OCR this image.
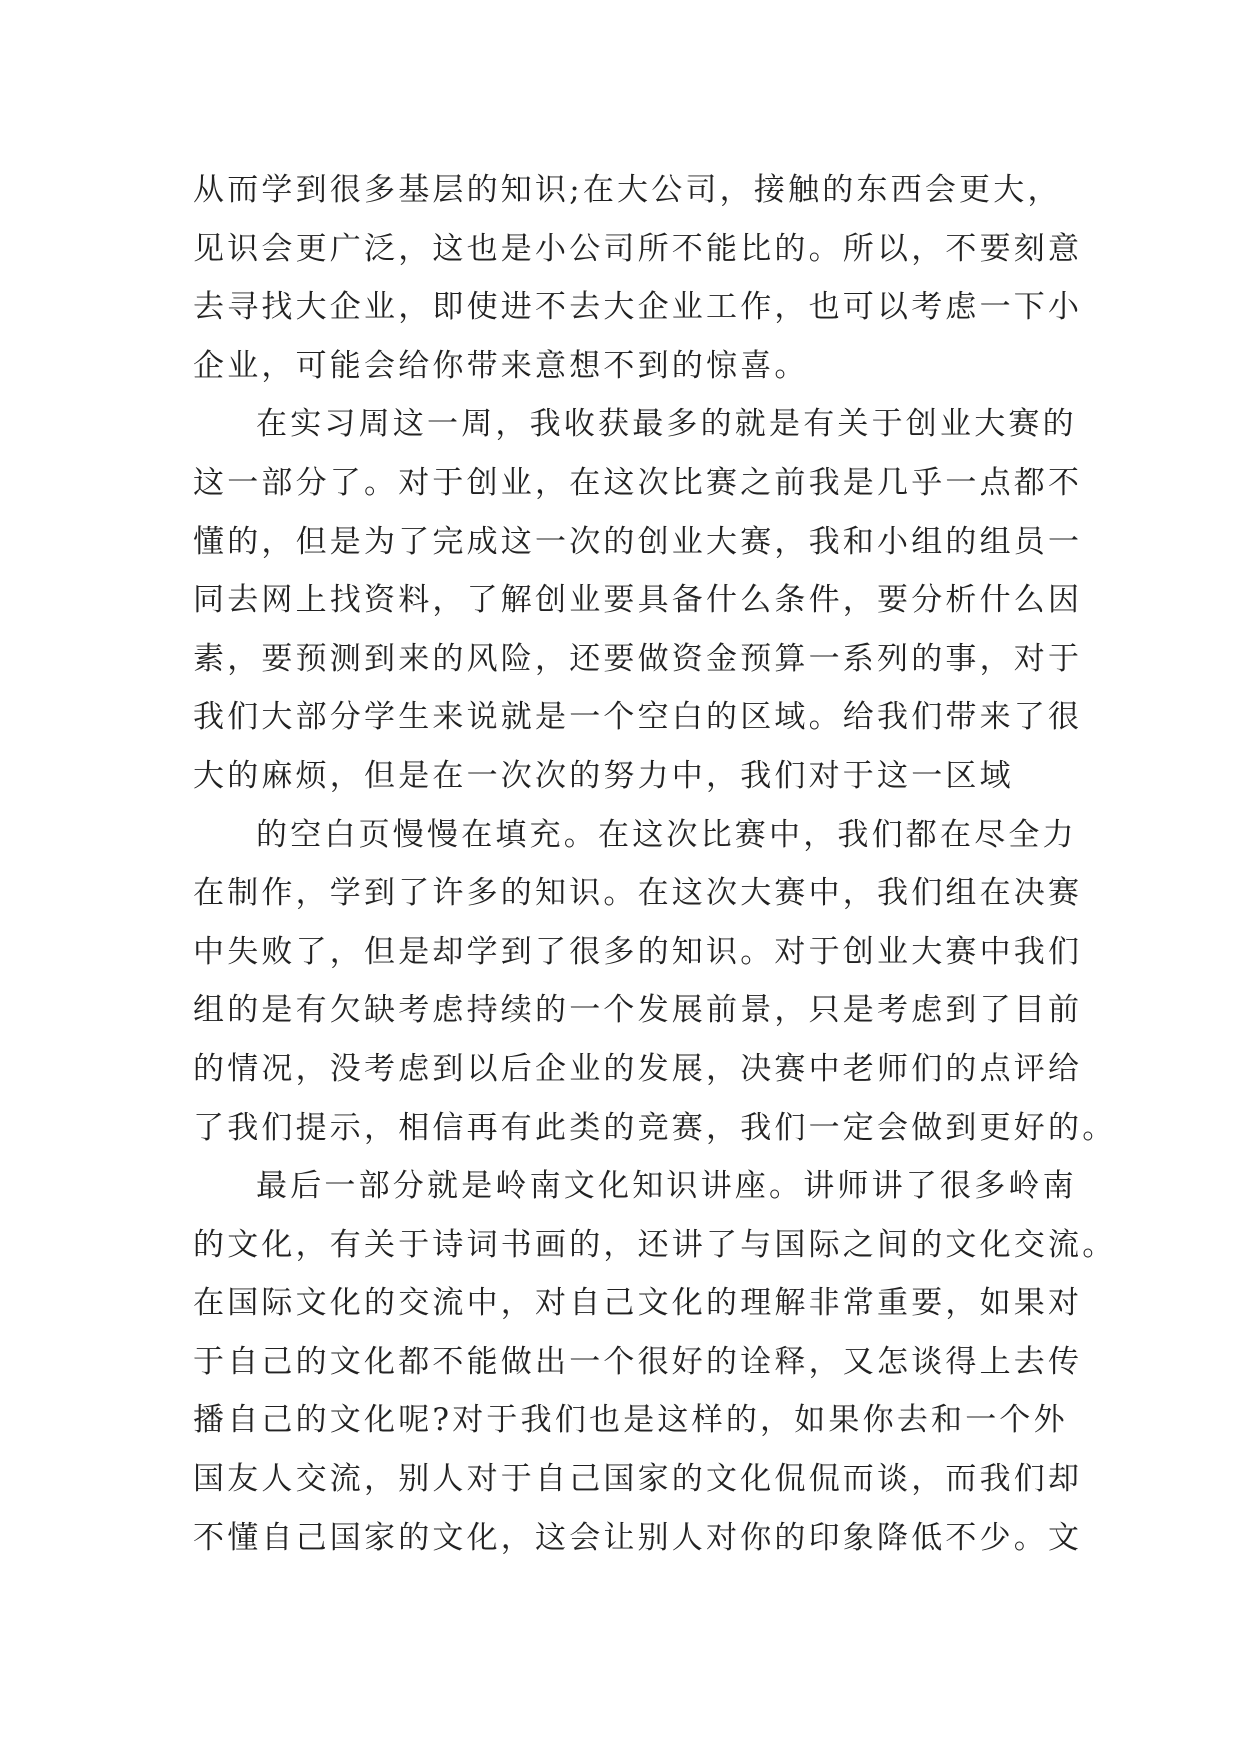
从而学到很多基层的知识;在大公司，接触的东西会更大，
见识会更广泛，这也是小公司所不能比的。所以，不要刻意
去寻找大企业，即使进不去大企业工作，也可以考虑一下小
企业，可能会给你带来意想不到的惊喜。
在实习周这一周，我收获最多的就是有关于创业大赛的
这一部分了。对于创业，在这次比赛之前我是几乎一点都不
懂的，但是为了完成这一次的创业大赛，我和小组的组员一
同去网上找资料，了解创业要具备什么条件，要分析什么因
素，要预测到来的风险，还要做资金预算一系列的事，对于
我们大部分学生来说就是一个空白的区域。给我们带来了很
大的麻烦，但是在一次次的努力中，我们对于这一区域
的空白页慢慢在填充。在这次比赛中，我们都在尽全力
在制作，学到了许多的知识。在这次大赛中，我们组在决赛
中失败了，但是却学到了很多的知识。对于创业大赛中我们
组的是有欠缺考虑持续的一个发展前景，只是考虑到了目前
的情况，没考虑到以后企业的发展，决赛中老师们的点评给
了我们提示，相信再有此类的竞赛，我们一定会做到更好的。
最后一部分就是岭南文化知识讲座。讲师讲了很多岭南
的文化，有关于诗词书画的，还讲了与国际之间的文化交流。
在国际文化的交流中，对自己文化的理解非常重要，如果对
于自己的文化都不能做出一个很好的诠释，又怎谈得上去传
播自己的文化呢?对于我们也是这样的，如果你去和一个外
国友人交流，别人对于自己国家的文化侃侃而谈，而我们却
不懂自己国家的文化，这会让别人对你的印象降低不少。文
